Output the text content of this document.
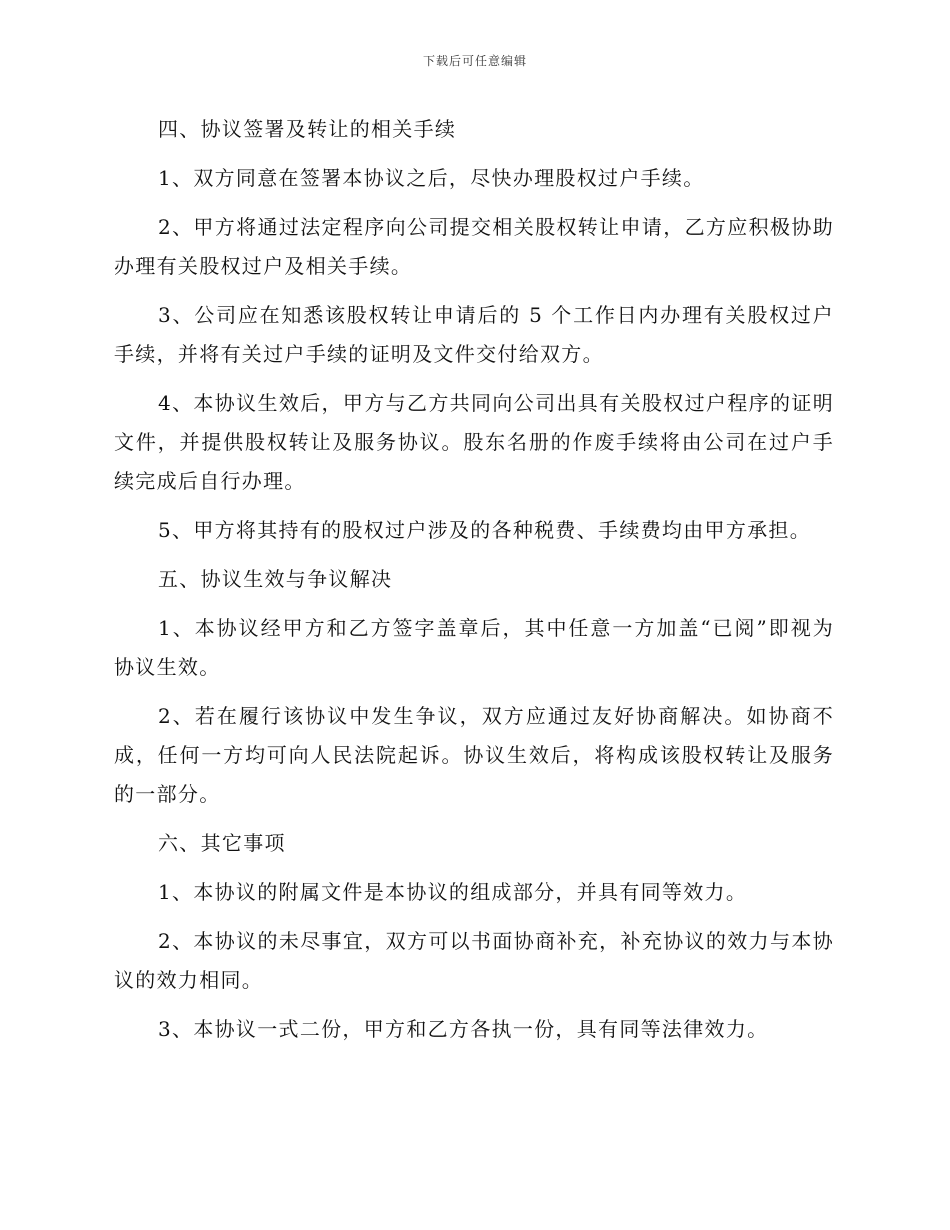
下载后可任意编辑

四、协议签署及转让的相关手续

1、双方同意在签署本协议之后，尽快办理股权过户手续。

2、甲方将通过法定程序向公司提交相关股权转让申请，乙方应积极协助办理有关股权过户及相关手续。

3、公司应在知悉该股权转让申请后的 5 个工作日内办理有关股权过户手续，并将有关过户手续的证明及文件交付给双方。

4、本协议生效后，甲方与乙方共同向公司出具有关股权过户程序的证明文件，并提供股权转让及服务协议。股东名册的作废手续将由公司在过户手续完成后自行办理。

5、甲方将其持有的股权过户涉及的各种税费、手续费均由甲方承担。

五、协议生效与争议解决

1、本协议经甲方和乙方签字盖章后，其中任意一方加盖“已阅”即视为协议生效。

2、若在履行该协议中发生争议，双方应通过友好协商解决。如协商不成，任何一方均可向人民法院起诉。协议生效后，将构成该股权转让及服务的一部分。

六、其它事项

1、本协议的附属文件是本协议的组成部分，并具有同等效力。

2、本协议的未尽事宜，双方可以书面协商补充，补充协议的效力与本协议的效力相同。

3、本协议一式二份，甲方和乙方各执一份，具有同等法律效力。
